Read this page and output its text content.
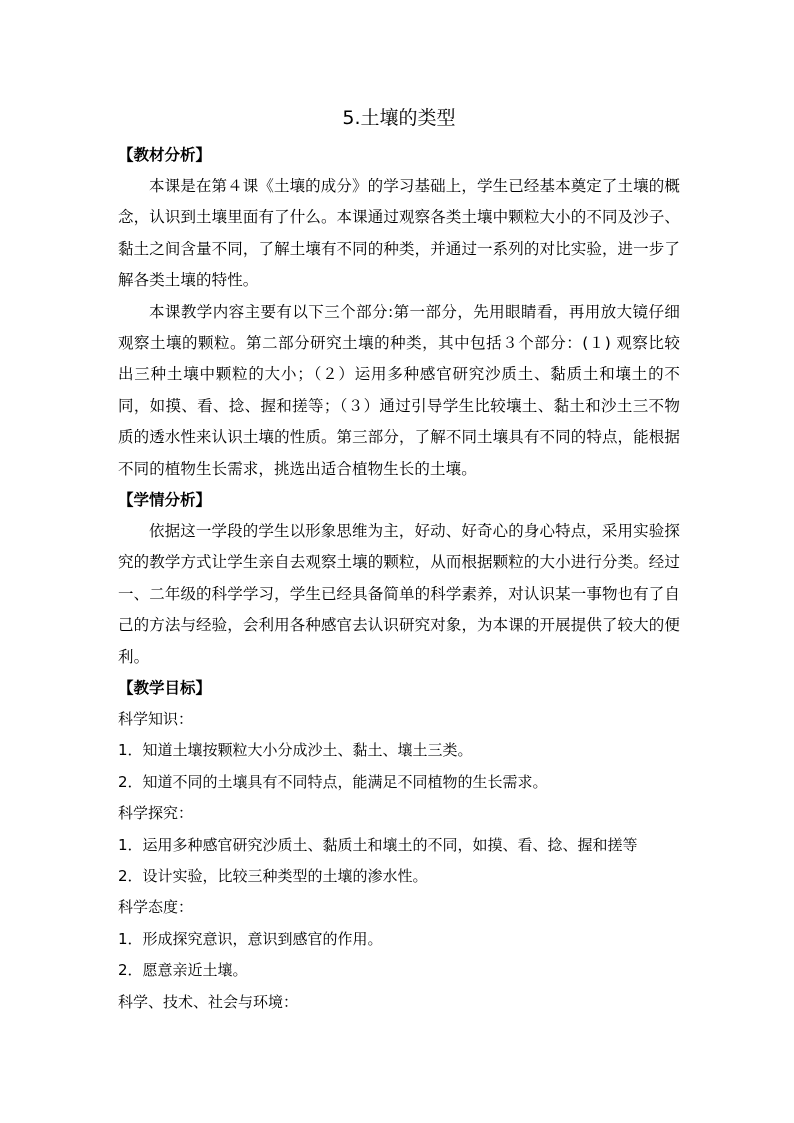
5.土壤的类型
【教材分析】

本课是在第４课《土壤的成分》的学习基础上，学生已经基本奠定了土壤的概念，认识到土壤里面有了什么。本课通过观察各类土壤中颗粒大小的不同及沙子、黏土之间含量不同，了解土壤有不同的种类，并通过一系列的对比实验，进一步了解各类土壤的特性。

本课教学内容主要有以下三个部分:第一部分，先用眼睛看，再用放大镜仔细观察土壤的颗粒。第二部分研究土壤的种类，其中包括３个部分：(１) 观察比较出三种土壤中颗粒的大小；（２）运用多种感官研究沙质土、黏质土和壤土的不同，如摸、看、捻、握和搓等；（３）通过引导学生比较壤土、黏土和沙土三不物质的透水性来认识土壤的性质。第三部分，了解不同土壤具有不同的特点，能根据不同的植物生长需求，挑选出适合植物生长的土壤。

【学情分析】

依据这一学段的学生以形象思维为主，好动、好奇心的身心特点，采用实验探究的教学方式让学生亲自去观察土壤的颗粒，从而根据颗粒的大小进行分类。经过一、二年级的科学学习，学生已经具备简单的科学素养，对认识某一事物也有了自己的方法与经验，会利用各种感官去认识研究对象，为本课的开展提供了较大的便利。

【教学目标】
科学知识：
1．知道土壤按颗粒大小分成沙土、黏土、壤土三类。
2．知道不同的土壤具有不同特点，能满足不同植物的生长需求。
科学探究：
1．运用多种感官研究沙质土、黏质土和壤土的不同，如摸、看、捻、握和搓等
2．设计实验，比较三种类型的土壤的渗水性。
科学态度：
1．形成探究意识，意识到感官的作用。
2．愿意亲近土壤。
科学、技术、社会与环境：
